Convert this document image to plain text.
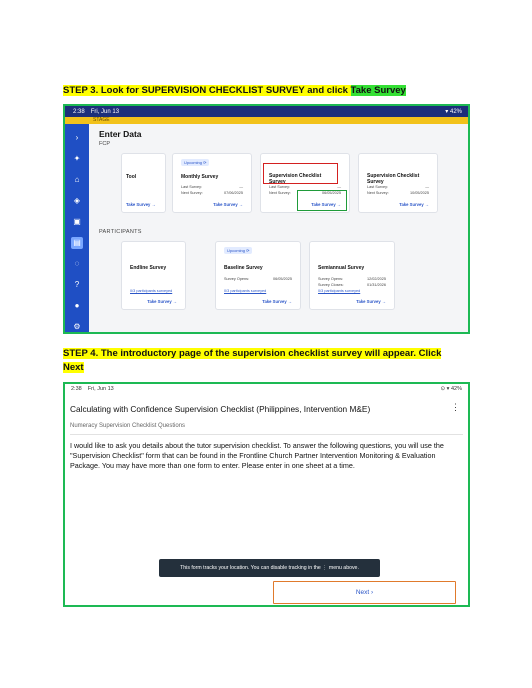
STEP 3. Look for SUPERVISION CHECKLIST SURVEY and click Take Survey
2:38 Fri, Jun 13	▾ 42%
STAGE
›
✦
⌂
◈
▣
▤
◌
?
●
⚙
Enter Data
FCP
Tool
Take Survey →
Upcoming ⟳
Monthly Survey
Last Survey:	—
Next Survey:	07/06/2025
Take Survey →
Supervision Checklist Survey
Last Survey:	—
Next Survey:	06/05/2025
Take Survey →
Supervision Checklist Survey
Last Survey:	—
Next Survey:	10/05/2025
Take Survey →
PARTICIPANTS
Endline Survey
0/3 participants surveyed
Take Survey →
Upcoming ⟳
Baseline Survey
Survey Opens:	06/05/2025
0/3 participants surveyed
Take Survey →
Semiannual Survey
Survey Opens:	12/02/2025
Survey Closes:	01/31/2026
0/3 participants surveyed
Take Survey →
STEP 4. The introductory page of the supervision checklist survey will appear. Click Next
2:38 Fri, Jun 13	⊙ ▾ 42%
Calculating with Confidence Supervision Checklist (Philippines, Intervention M&E)	⋮
Numeracy Supervision Checklist Questions
I would like to ask you details about the tutor supervision checklist. To answer the following questions, you will use the "Supervision Checklist" form that can be found in the Frontline Church Partner Intervention Monitoring & Evaluation Package. You may have more than one form to enter. Please enter in one sheet at a time.
This form tracks your location. You can disable tracking in the ⋮ menu above.
Next ›
